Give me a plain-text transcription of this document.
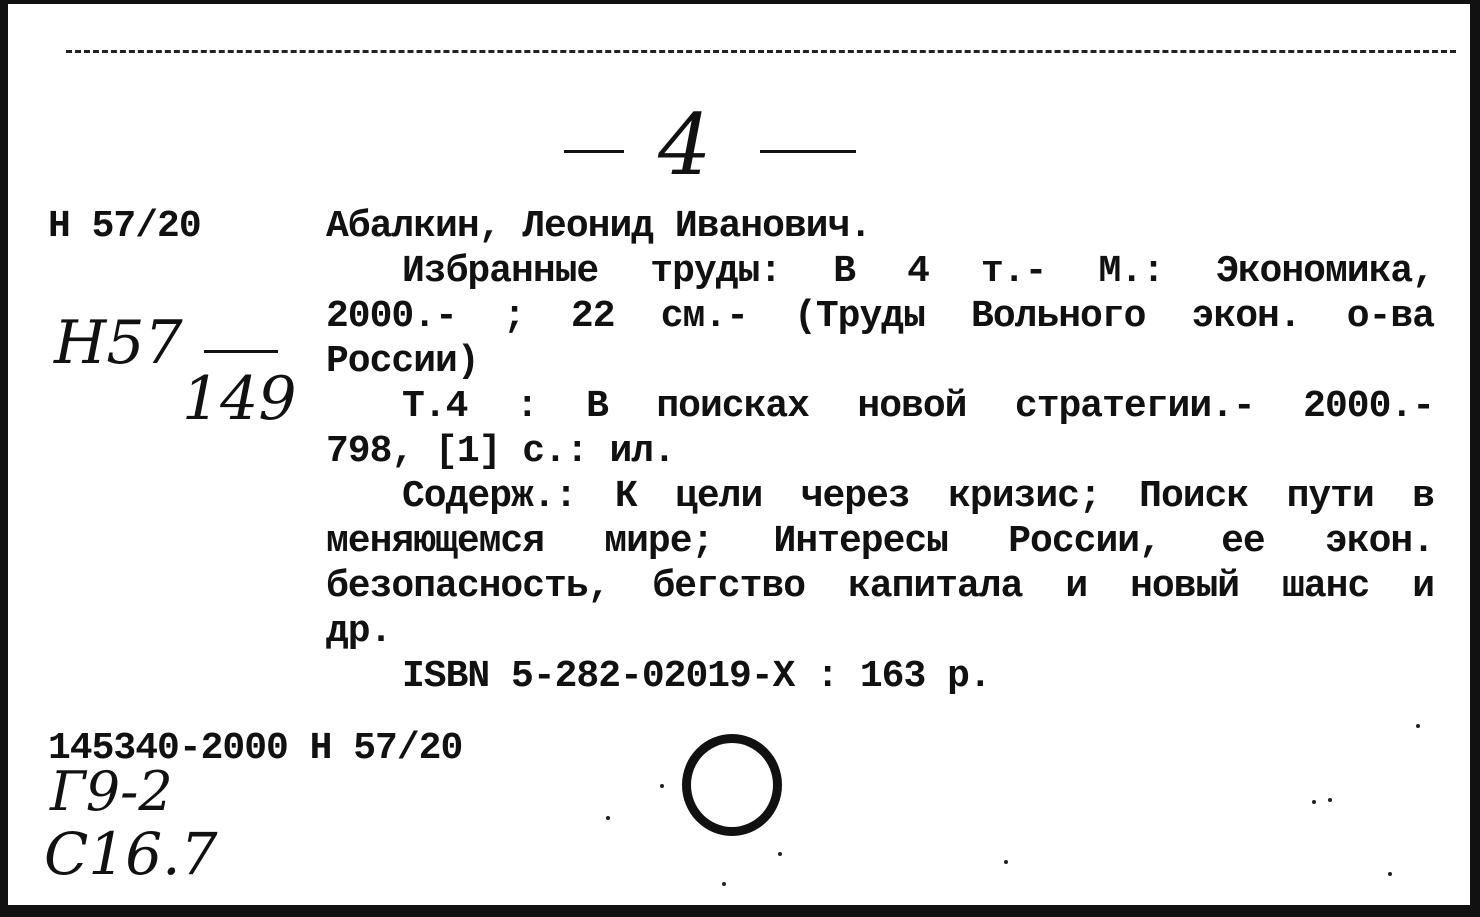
4
H 57/20
Н57
149
Абалкин, Леонид Иванович.
Избранные труды: В 4 т.- М.: Экономика,
2000.- ; 22 см.- (Труды Вольного экон. о-ва
России)
Т.4 : В поисках новой стратегии.- 2000.-
798, [1] с.: ил.
Содерж.: К цели через кризис; Поиск пути в
меняющемся мире; Интересы России, ее экон.
безопасность, бегство капитала и новый шанс и
др.
ISBN 5-282-02019-X : 163 р.
145340-2000 H 57/20
Г9-2
С16.7
